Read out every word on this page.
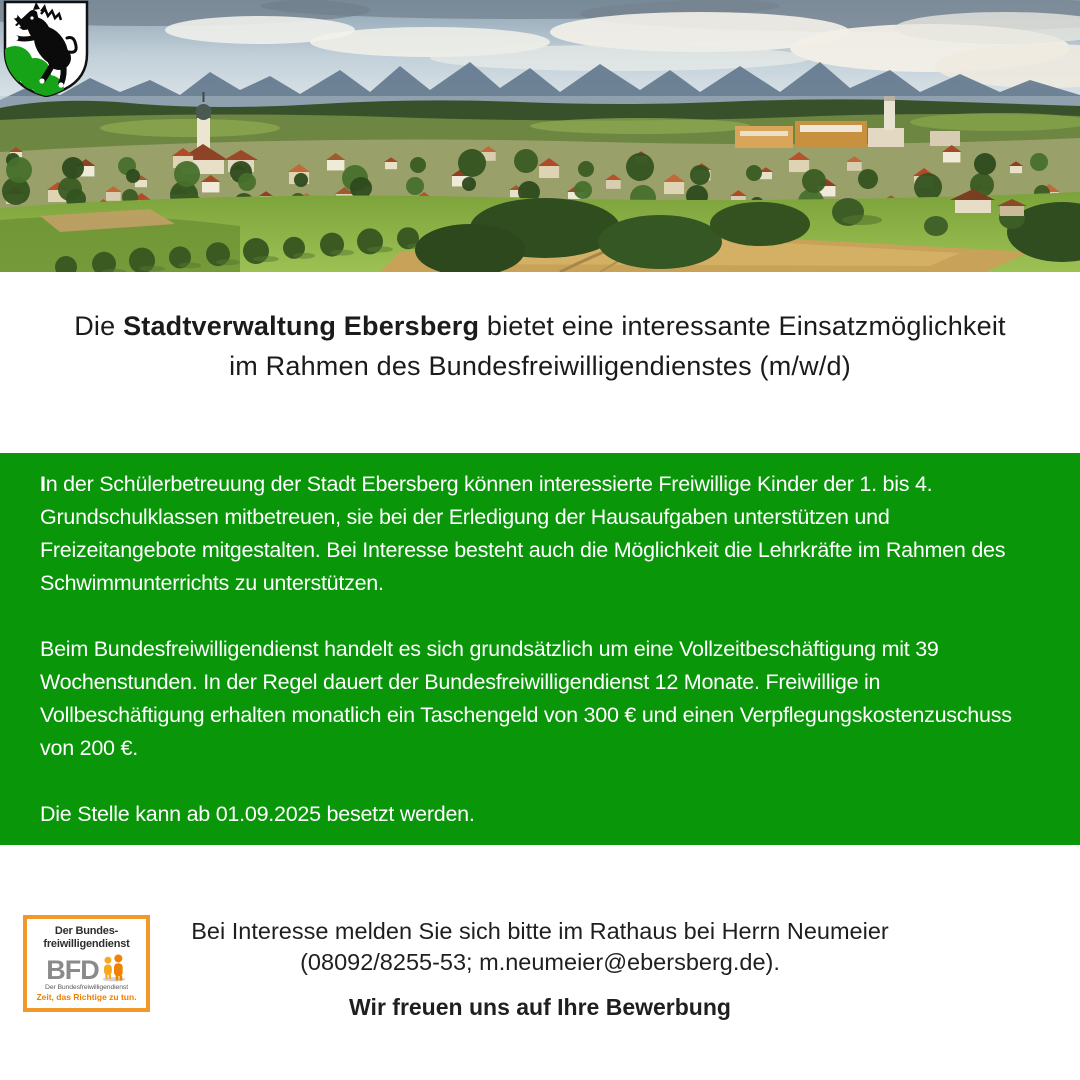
Die Stadtverwaltung Ebersberg bietet eine interessante Einsatzmöglichkeit
im Rahmen des Bundesfreiwilligendienstes (m/w/d)

In der Schülerbetreuung der Stadt Ebersberg können interessierte Freiwillige Kinder der 1. bis 4. Grundschulklassen mitbetreuen, sie bei der Erledigung der Hausaufgaben unterstützen und Freizeitangebote mitgestalten. Bei Interesse besteht auch die Möglichkeit die Lehrkräfte im Rahmen des Schwimmunterrichts zu unterstützen.

Beim Bundesfreiwilligendienst handelt es sich grundsätzlich um eine Vollzeitbeschäftigung mit 39 Wochenstunden. In der Regel dauert der Bundesfreiwilligendienst 12 Monate. Freiwillige in Vollbeschäftigung erhalten monatlich ein Taschengeld von 300 € und einen Verpflegungskostenzuschuss von 200 €.

Die Stelle kann ab 01.09.2025 besetzt werden.

Der Bundes-
freiwilligendienst
BFD
Der Bundesfreiwilligendienst
Zeit, das Richtige zu tun.
Bei Interesse melden Sie sich bitte im Rathaus bei Herrn Neumeier
(08092/8255-53; m.neumeier@ebersberg.de).
Wir freuen uns auf Ihre Bewerbung
